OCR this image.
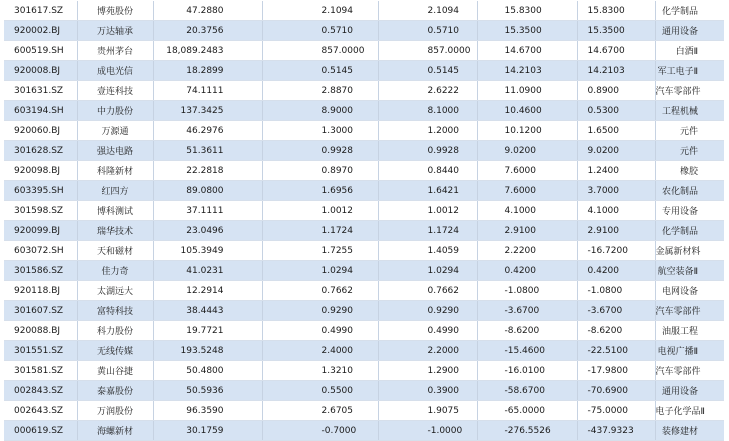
301617.SZ	博苑股份	47.2880	2.1094	2.1094	15.8300	15.8300	化学制品
920002.BJ	万达轴承	20.3756	0.5710	0.5710	15.3500	15.3500	通用设备
600519.SH	贵州茅台	18,089.2483	857.0000	857.0000	14.6700	14.6700	白酒Ⅱ
920008.BJ	成电光信	18.2899	0.5145	0.5145	14.2103	14.2103	军工电子Ⅱ
301631.SZ	壹连科技	74.1111	2.8870	2.6222	11.0900	0.8900	汽车零部件
603194.SH	中力股份	137.3425	8.9000	8.1000	10.4600	0.5300	工程机械
920060.BJ	万源通	46.2976	1.3000	1.2000	10.1200	1.6500	元件
301628.SZ	强达电路	51.3611	0.9928	0.9928	9.0200	9.0200	元件
920098.BJ	科隆新材	22.2818	0.8970	0.8440	7.6000	1.2400	橡胶
603395.SH	红四方	89.0800	1.6956	1.6421	7.6000	3.7000	农化制品
301598.SZ	博科测试	37.1111	1.0012	1.0012	4.1000	4.1000	专用设备
920099.BJ	瑞华技术	23.0496	1.1724	1.1724	2.9100	2.9100	化学制品
603072.SH	天和磁材	105.3949	1.7255	1.4059	2.2200	-16.7200	金属新材料
301586.SZ	佳力奇	41.0231	1.0294	1.0294	0.4200	0.4200	航空装备Ⅱ
920118.BJ	太湖远大	12.2914	0.7662	0.7662	-1.0800	-1.0800	电网设备
301607.SZ	富特科技	38.4443	0.9290	0.9290	-3.6700	-3.6700	汽车零部件
920088.BJ	科力股份	19.7721	0.4990	0.4990	-8.6200	-8.6200	油服工程
301551.SZ	无线传媒	193.5248	2.4000	2.2000	-15.4600	-22.5100	电视广播Ⅱ
301581.SZ	黄山谷捷	50.4800	1.3210	1.2900	-16.0100	-17.9800	汽车零部件
002843.SZ	泰嘉股份	50.5936	0.5500	0.3900	-58.6700	-70.6900	通用设备
002643.SZ	万润股份	96.3590	2.6705	1.9075	-65.0000	-75.0000	电子化学品Ⅱ
000619.SZ	海螺新材	30.1759	-0.7000	-1.0000	-276.5526	-437.9323	装修建材
